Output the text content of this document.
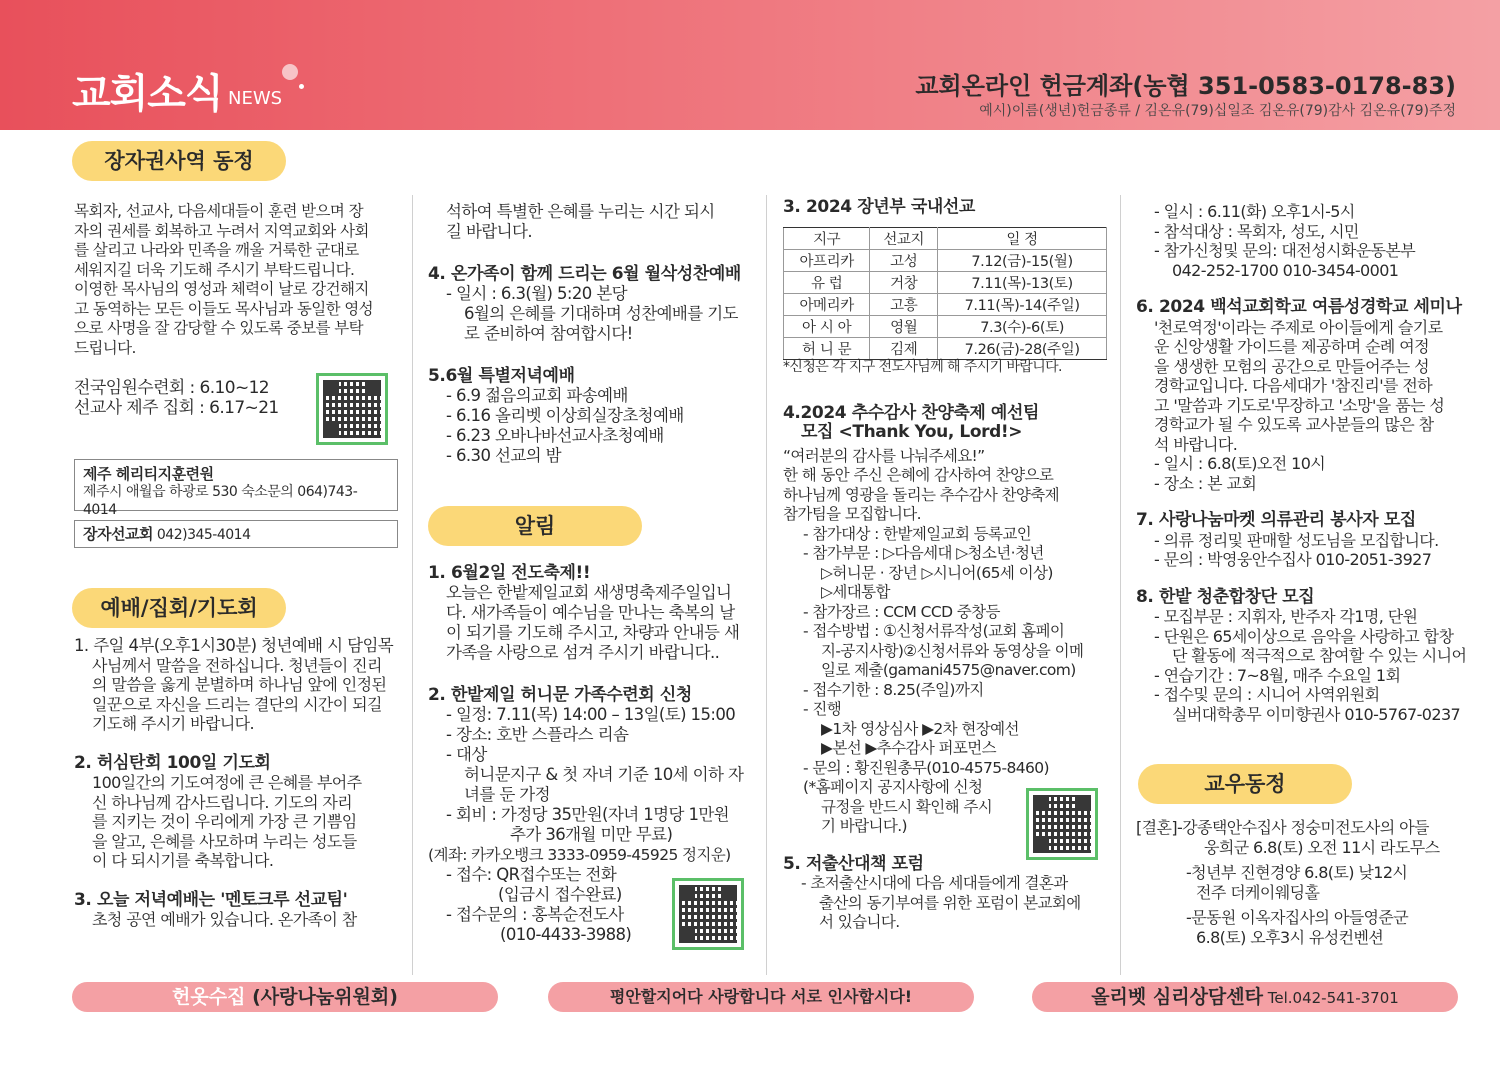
교회소식 NEWS	교회온라인 헌금계좌(농협 351-0583-0178-83)
예시)이름(생년)헌금종류 / 김온유(79)십일조 김온유(79)감사 김온유(79)주정
장자권사역 동정

목회자, 선교사, 다음세대들이 훈련 받으며 장

자의 권세를 회복하고 누려서 지역교회와 사회

를 살리고 나라와 민족을 깨울 거룩한 군대로

세워지길 더욱 기도해 주시기 부탁드립니다.

이영한 목사님의 영성과 체력이 날로 강건해지

고 동역하는 모든 이들도 목사님과 동일한 영성

으로 사명을 잘 감당할 수 있도록 중보를 부탁

드립니다.

전국임원수련회 : 6.10~12

선교사 제주 집회 : 6.17~21

제주 헤리티지훈련원

제주시 애월읍 하광로 530 숙소문의 064)743-4014

장자선교회 042)345-4014
예배/집회/기도회

1. 주일 4부(오후1시30분) 청년예배 시 담임목

사님께서 말씀을 전하십니다. 청년들이 진리

의 말씀을 옳게 분별하며 하나님 앞에 인정된

일꾼으로 자신을 드리는 결단의 시간이 되길

기도해 주시기 바랍니다.

2. 허심탄회 100일 기도회

100일간의 기도여정에 큰 은혜를 부어주

신 하나님께 감사드립니다. 기도의 자리

를 지키는 것이 우리에게 가장 큰 기쁨임

을 알고, 은혜를 사모하며 누리는 성도들

이 다 되시기를 축복합니다.

3. 오늘 저녁예배는 '멘토크루 선교팀'

초청 공연 예배가 있습니다. 온가족이 참

석하여 특별한 은혜를 누리는 시간 되시

길 바랍니다.

4. 온가족이 함께 드리는 6월 월삭성찬예배

- 일시 : 6.3(월) 5:20 본당

6월의 은혜를 기대하며 성찬예배를 기도

로 준비하여 참여합시다!

5.6월 특별저녁예배

- 6.9 젊음의교회 파송예배

- 6.16 올리벳 이상희실장초청예배

- 6.23 오바나바선교사초청예배

- 6.30 선교의 밤

알림

1. 6월2일 전도축제!!

오늘은 한밭제일교회 새생명축제주일입니

다. 새가족들이 예수님을 만나는 축복의 날

이 되기를 기도해 주시고, 차량과 안내등 새

가족을 사랑으로 섬겨 주시기 바랍니다..

2. 한밭제일 허니문 가족수련회 신청

- 일정: 7.11(목) 14:00 – 13일(토) 15:00

- 장소: 호반 스플라스 리솜

- 대상

허니문지구 & 첫 자녀 기준 10세 이하 자

녀를 둔 가정

- 회비 : 가정당 35만원(자녀 1명당 1만원

추가 36개월 미만 무료)

(계좌: 카카오뱅크 3333-0959-45925 정지운)

- 접수: QR접수또는 전화

(입금시 접수완료)

- 접수문의 : 홍복순전도사

(010-4433-3988)

3. 2024 장년부 국내선교

지구	선교지	일 정
아프리카	고성	7.12(금)-15(월)
유 럽	거창	7.11(목)-13(토)
아메리카	고흥	7.11(목)-14(주일)
아 시 아	영월	7.3(수)-6(토)
허 니 문	김제	7.26(금)-28(주일)

*신청은 각 지구 전도사님께 해 주시기 바랍니다.

4.2024 추수감사 찬양축제 예선팀

모집 <Thank You, Lord!>

“여러분의 감사를 나눠주세요!”

한 해 동안 주신 은혜에 감사하여 찬양으로

하나님께 영광을 돌리는 추수감사 찬양축제

참가팀을 모집합니다.

- 참가대상 : 한밭제일교회 등록교인

- 참가부문 : ▷다음세대 ▷청소년·청년

▷허니문 · 장년 ▷시니어(65세 이상)

▷세대통합

- 참가장르 : CCM CCD 중창등

- 접수방법 : ①신청서류작성(교회 홈페이

지-공지사항)②신청서류와 동영상을 이메

일로 제출(gamani4575@naver.com)

- 접수기한 : 8.25(주일)까지

- 진행

▶1차 영상심사 ▶2차 현장예선

▶본선 ▶추수감사 퍼포먼스

- 문의 : 황진원총무(010-4575-8460)

(*홈페이지 공지사항에 신청

규정을 반드시 확인해 주시

기 바랍니다.)

5. 저출산대책 포럼

- 초저출산시대에 다음 세대들에게 결혼과

출산의 동기부여를 위한 포럼이 본교회에

서 있습니다.

- 일시 : 6.11(화) 오후1시-5시

- 참석대상 : 목회자, 성도, 시민

- 참가신청및 문의: 대전성시화운동본부

042-252-1700 010-3454-0001

6. 2024 백석교회학교 여름성경학교 세미나

'천로역정'이라는 주제로 아이들에게 슬기로

운 신앙생활 가이드를 제공하며 순례 여정

을 생생한 모험의 공간으로 만들어주는 성

경학교입니다. 다음세대가 '참진리'를 전하

고 '말씀과 기도로'무장하고 '소망'을 품는 성

경학교가 될 수 있도록 교사분들의 많은 참

석 바랍니다.

- 일시 : 6.8(토)오전 10시

- 장소 : 본 교회

7. 사랑나눔마켓 의류관리 봉사자 모집

- 의류 정리및 판매할 성도님을 모집합니다.

- 문의 : 박영웅안수집사 010-2051-3927

8. 한밭 청춘합창단 모집

- 모집부문 : 지휘자, 반주자 각1명, 단원

- 단원은 65세이상으로 음악을 사랑하고 합창

단 활동에 적극적으로 참여할 수 있는 시니어

- 연습기간 : 7~8월, 매주 수요일 1회

- 접수및 문의 : 시니어 사역위원회

실버대학총무 이미향권사 010-5767-0237

교우동정

[결혼]-강종택안수집사 정숭미전도사의 아들

웅희군 6.8(토) 오전 11시 라도무스

-청년부 진현경양 6.8(토) 낮12시

전주 더케이웨딩홀

-문동원 이옥자집사의 아들영준군

6.8(토) 오후3시 유성컨벤션

헌옷수집 (사랑나눔위원회)	평안할지어다 사랑합니다 서로 인사합시다!	올리벳 심리상담센타 Tel.042-541-3701
